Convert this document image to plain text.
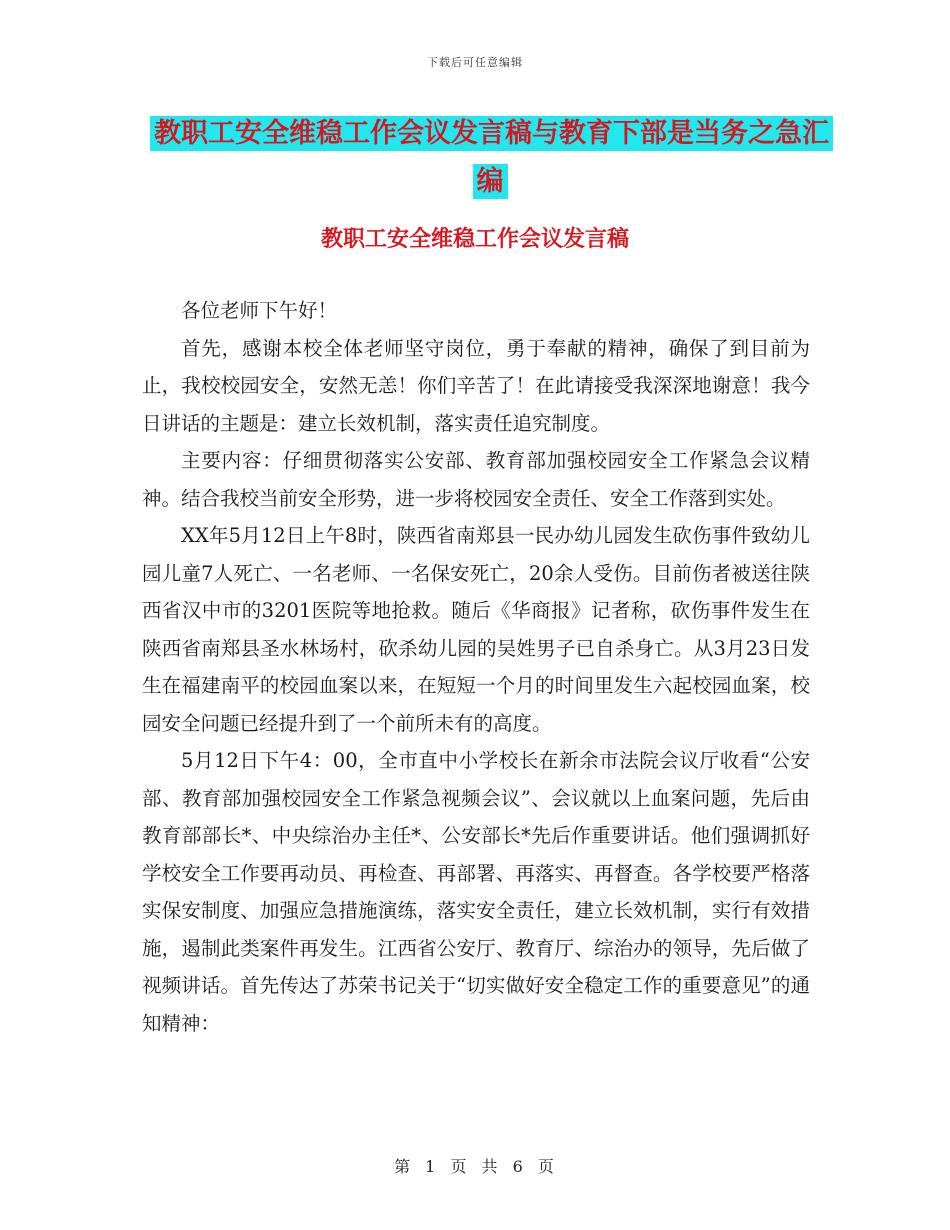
下载后可任意编辑
教职工安全维稳工作会议发言稿与教育下部是当务之急汇编
教职工安全维稳工作会议发言稿

各位老师下午好！

首先，感谢本校全体老师坚守岗位，勇于奉献的精神，确保了到目前为止，我校校园安全，安然无恙！你们辛苦了！在此请接受我深深地谢意！我今日讲话的主题是：建立长效机制，落实责任追究制度。

主要内容：仔细贯彻落实公安部、教育部加强校园安全工作紧急会议精神。结合我校当前安全形势，进一步将校园安全责任、安全工作落到实处。

XX年5月12日上午8时，陕西省南郑县一民办幼儿园发生砍伤事件致幼儿园儿童7人死亡、一名老师、一名保安死亡，20余人受伤。目前伤者被送往陕西省汉中市的3201医院等地抢救。随后《华商报》记者称，砍伤事件发生在陕西省南郑县圣水林场村，砍杀幼儿园的吴姓男子已自杀身亡。从3月23日发生在福建南平的校园血案以来，在短短一个月的时间里发生六起校园血案，校园安全问题已经提升到了一个前所未有的高度。

5月12日下午4：00，全市直中小学校长在新余市法院会议厅收看“公安部、教育部加强校园安全工作紧急视频会议”、会议就以上血案问题，先后由教育部部长*、中央综治办主任*、公安部长*先后作重要讲话。他们强调抓好学校安全工作要再动员、再检查、再部署、再落实、再督查。各学校要严格落实保安制度、加强应急措施演练，落实安全责任，建立长效机制，实行有效措施，遏制此类案件再发生。江西省公安厅、教育厅、综治办的领导，先后做了视频讲话。首先传达了苏荣书记关于“切实做好安全稳定工作的重要意见”的通知精神：

第 1 页 共 6 页
